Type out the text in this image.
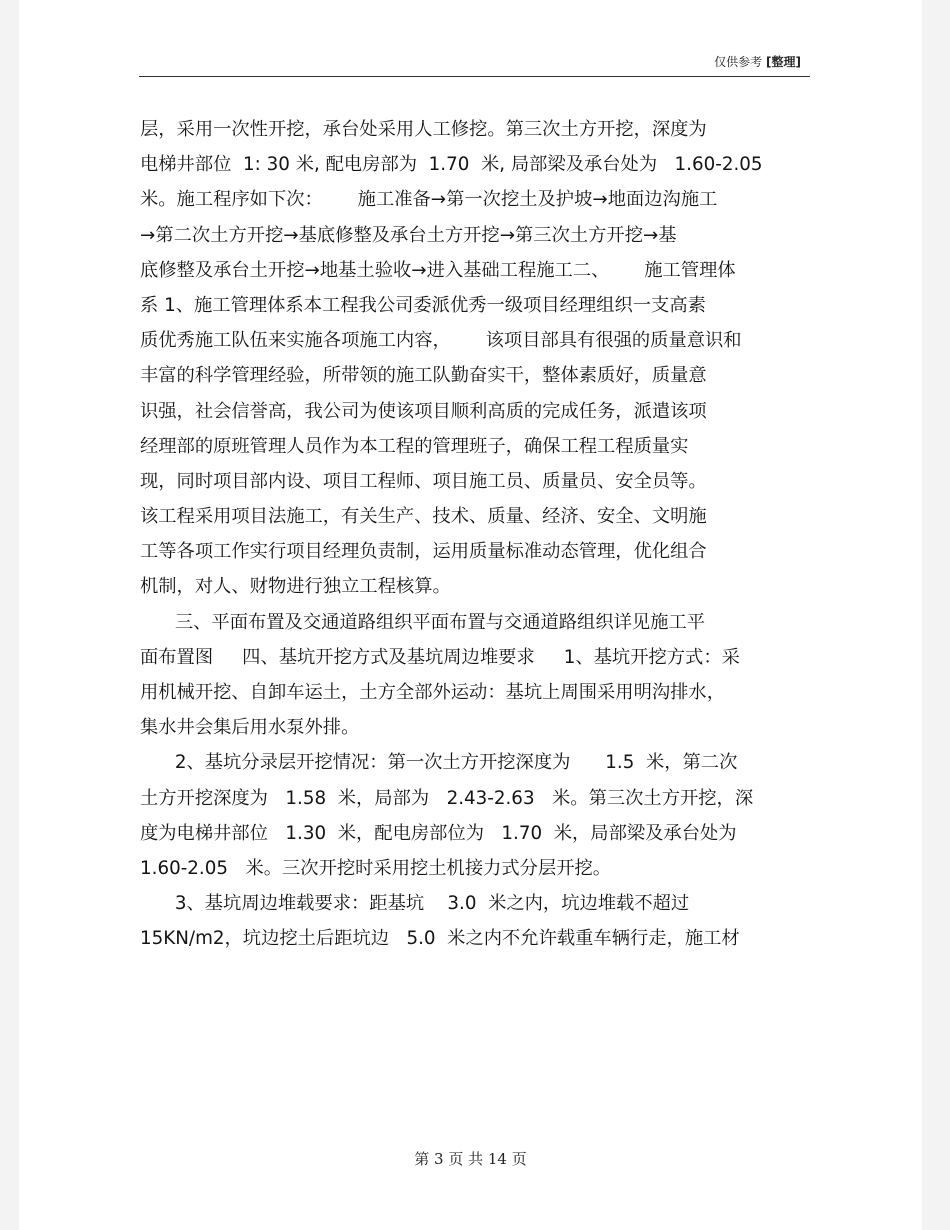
仅供参考 [整理]
层，采用一次性开挖，承台处采用人工修挖。第三次土方开挖，深度为
电梯井部位  1: 30 米, 配电房部为  1.70  米, 局部梁及承台处为   1.60-2.05
米。施工程序如下次：      施工准备→第一次挖土及护坡→地面边沟施工
→第二次土方开挖→基底修整及承台土方开挖→第三次土方开挖→基
底修整及承台土开挖→地基土验收→进入基础工程施工二、      施工管理体
系 1、施工管理体系本工程我公司委派优秀一级项目经理组织一支高素
质优秀施工队伍来实施各项施工内容，      该项目部具有很强的质量意识和
丰富的科学管理经验，所带领的施工队勤奋实干，整体素质好，质量意
识强，社会信誉高，我公司为使该项目顺利高质的完成任务，派遣该项
经理部的原班管理人员作为本工程的管理班子，确保工程工程质量实
现，同时项目部内设、项目工程师、项目施工员、质量员、安全员等。
该工程采用项目法施工，有关生产、技术、质量、经济、安全、文明施
工等各项工作实行项目经理负责制，运用质量标准动态管理，优化组合
机制，对人、财物进行独立工程核算。
三、平面布置及交通道路组织平面布置与交通道路组织详见施工平
面布置图     四、基坑开挖方式及基坑周边堆要求     1、基坑开挖方式：采
用机械开挖、自卸车运土，土方全部外运动：基坑上周围采用明沟排水，
集水井会集后用水泵外排。
2、基坑分录层开挖情况：第一次土方开挖深度为      1.5  米，第二次
土方开挖深度为   1.58  米，局部为   2.43-2.63   米。第三次土方开挖，深
度为电梯井部位   1.30  米，配电房部位为   1.70  米，局部梁及承台处为
1.60-2.05   米。三次开挖时采用挖土机接力式分层开挖。
3、基坑周边堆载要求：距基坑    3.0  米之内，坑边堆载不超过
15KN/m2，坑边挖土后距坑边   5.0  米之内不允许载重车辆行走，施工材
第 3 页 共 14 页
